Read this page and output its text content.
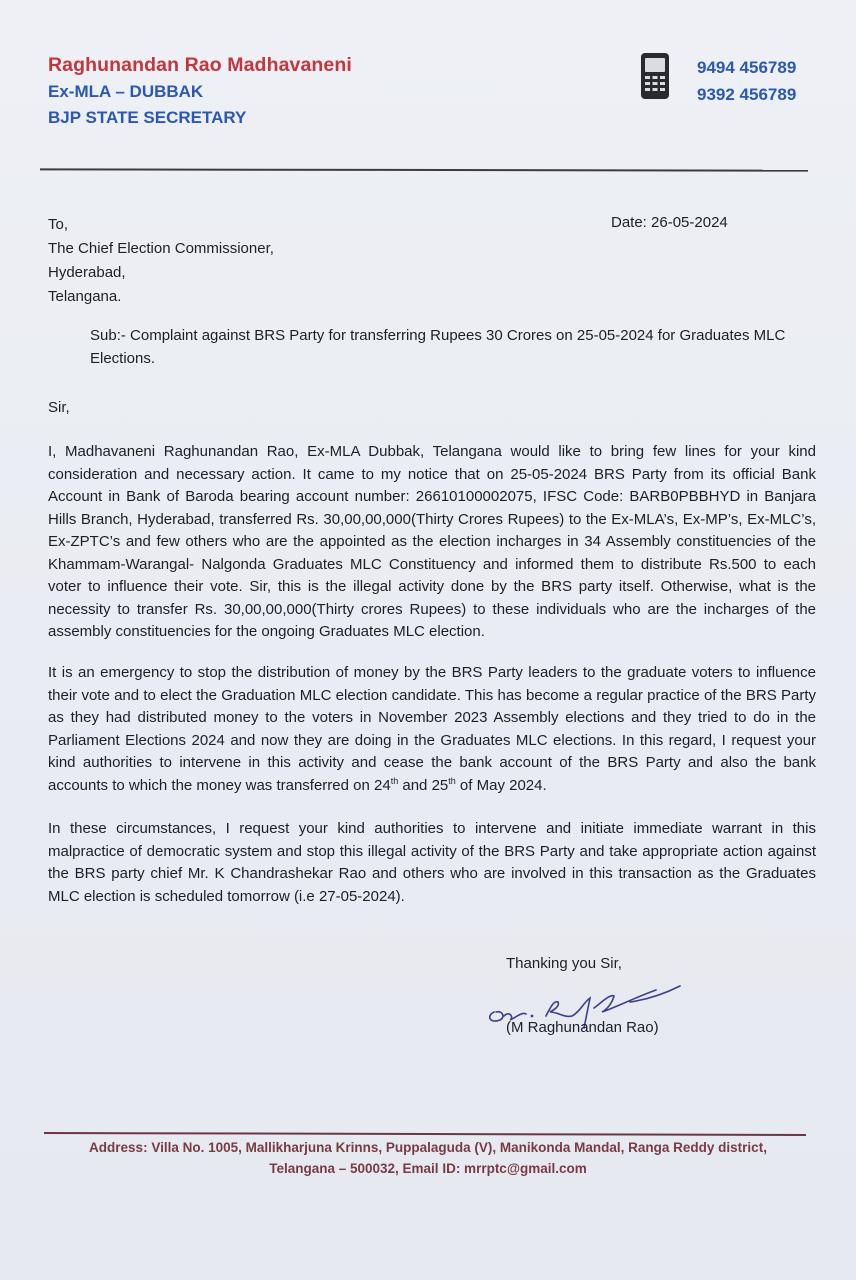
Raghunandan Rao Madhavaneni
Ex-MLA – DUBBAK
BJP STATE SECRETARY
9494 456789
9392 456789
To,
The Chief Election Commissioner,
Hyderabad,
Telangana.
Date: 26-05-2024
Sub:- Complaint against BRS Party for transferring Rupees 30 Crores on 25-05-2024 for Graduates MLC Elections.
Sir,
I, Madhavaneni Raghunandan Rao, Ex-MLA Dubbak, Telangana would like to bring few lines for your kind consideration and necessary action. It came to my notice that on 25-05-2024 BRS Party from its official Bank Account in Bank of Baroda bearing account number: 26610100002075, IFSC Code: BARB0PBBHYD in Banjara Hills Branch, Hyderabad, transferred Rs. 30,00,00,000(Thirty Crores Rupees) to the Ex-MLA’s, Ex-MP’s, Ex-MLC’s, Ex-ZPTC’s and few others who are the appointed as the election incharges in 34 Assembly constituencies of the Khammam-Warangal- Nalgonda Graduates MLC Constituency and informed them to distribute Rs.500 to each voter to influence their vote. Sir, this is the illegal activity done by the BRS party itself. Otherwise, what is the necessity to transfer Rs. 30,00,00,000(Thirty crores Rupees) to these individuals who are the incharges of the assembly constituencies for the ongoing Graduates MLC election.
It is an emergency to stop the distribution of money by the BRS Party leaders to the graduate voters to influence their vote and to elect the Graduation MLC election candidate. This has become a regular practice of the BRS Party as they had distributed money to the voters in November 2023 Assembly elections and they tried to do in the Parliament Elections 2024 and now they are doing in the Graduates MLC elections. In this regard, I request your kind authorities to intervene in this activity and cease the bank account of the BRS Party and also the bank accounts to which the money was transferred on 24th and 25th of May 2024.
In these circumstances, I request your kind authorities to intervene and initiate immediate warrant in this malpractice of democratic system and stop this illegal activity of the BRS Party and take appropriate action against the BRS party chief Mr. K Chandrashekar Rao and others who are involved in this transaction as the Graduates MLC election is scheduled tomorrow (i.e 27-05-2024).
Thanking you Sir,
(M Raghunandan Rao)
Address: Villa No. 1005, Mallikharjuna Krinns, Puppalaguda (V), Manikonda Mandal, Ranga Reddy district,
Telangana – 500032, Email ID: mrrptc@gmail.com
